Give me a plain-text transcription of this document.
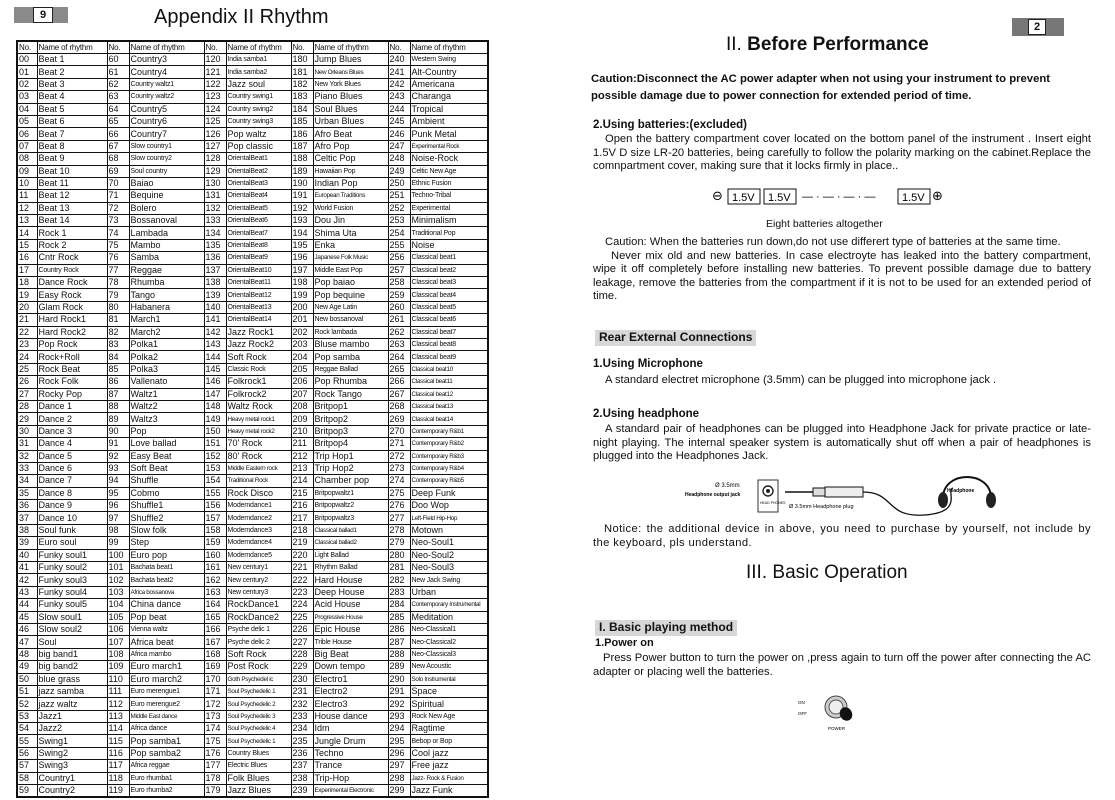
9	Appendix II Rhythm
No.	Name of rhythm	No.	Name of rhythm	No.	Name of rhythm	No.	Name of rhythm	No.	Name of rhythm
00	Beat 1	60	Country3	120	India samba1	180	Jump Blues	240	Western Swing
01	Beat 2	61	Country4	121	India samba2	181	New Orleans Blues	241	Alt-Country
02	Beat 3	62	Country waltz1	122	Jazz soul	182	New York Blues	242	Americana
03	Beat 4	63	Country waltz2	123	Country swing1	183	Piano Blues	243	Charanga
04	Beat 5	64	Country5	124	Country swing2	184	Soul Blues	244	Tropical
05	Beat 6	65	Country6	125	Country swing3	185	Urban Blues	245	Ambient
06	Beat 7	66	Country7	126	Pop waltz	186	Afro Beat	246	Punk Metal
07	Beat 8	67	Slow country1	127	Pop classic	187	Afro Pop	247	Experimental Rock
08	Beat 9	68	Slow country2	128	OrientalBeat1	188	Celtic Pop	248	Noise-Rock
09	Beat 10	69	Soul country	129	OrientalBeat2	189	Hawaiian Pop	249	Celtic New Age
10	Beat 11	70	Baiao	130	OrientalBeat3	190	Indian Pop	250	Ethnic Fusion
11	Beat 12	71	Bequine	131	OrientalBeat4	191	European Traditions	251	Techno-Tribal
12	Beat 13	72	Bolero	132	OrientalBeat5	192	World Fusion	252	Experimental
13	Beat 14	73	Bossanoval	133	OrientalBeat6	193	Dou Jin	253	Minimalism
14	Rock 1	74	Lambada	134	OrientalBeat7	194	Shima Uta	254	Traditional Pop
15	Rock 2	75	Mambo	135	OrientalBeat8	195	Enka	255	Noise
16	Cntr Rock	76	Samba	136	OrientalBeat9	196	Japanese Folk Music	256	Classical beat1
17	Country Rock	77	Reggae	137	OrientalBeat10	197	Middle East Pop	257	Classical beat2
18	Dance Rock	78	Rhumba	138	OrientalBeat11	198	Pop baiao	258	Classical beat3
19	Easy Rock	79	Tango	139	OrientalBeat12	199	Pop bequine	259	Classical beat4
20	Glam Rock	80	Habanera	140	OrientalBeat13	200	New Age Latin	260	Classical beat5
21	Hard Rock1	81	March1	141	OrientalBeat14	201	New bossanoval	261	Classical beat6
22	Hard Rock2	82	March2	142	Jazz Rock1	202	Rock lambada	262	Classical beat7
23	Pop Rock	83	Polka1	143	Jazz Rock2	203	Bluse mambo	263	Classical beat8
24	Rock+Roll	84	Polka2	144	Soft Rock	204	Pop samba	264	Classical beat9
25	Rock Beat	85	Polka3	145	Classic Rock	205	Reggae Ballad	265	Classical beat10
26	Rock Folk	86	Vallenato	146	Folkrock1	206	Pop Rhumba	266	Classical beat11
27	Rocky Pop	87	Waltz1	147	Folkrock2	207	Rock Tango	267	Classical beat12
28	Dance 1	88	Waltz2	148	Waltz Rock	208	Britpop1	268	Classical beat13
29	Dance 2	89	Waltz3	149	Heavy metal rock1	209	Britpop2	269	Classical beat14
30	Dance 3	90	Pop	150	Heavy metal rock2	210	Britpop3	270	Contemporary R&b1
31	Dance 4	91	Love ballad	151	70' Rock	211	Britpop4	271	Contemporary R&b2
32	Dance 5	92	Easy Beat	152	80' Rock	212	Trip Hop1	272	Contemporary R&b3
33	Dance 6	93	Soft Beat	153	Middle Eastern rock	213	Trip Hop2	273	Contemporary R&b4
34	Dance 7	94	Shuffle	154	Traditional Rock	214	Chamber pop	274	Contemporary R&b5
35	Dance 8	95	Cobmo	155	Rock Disco	215	Britpopwaltz1	275	Deep Funk
36	Dance 9	96	Shuffle1	156	Moderndance1	216	Britpopwaltz2	276	Doo Wop
37	Dance 10	97	Shuffle2	157	Moderndance2	217	Britpopwaltz3	277	Left-Field Hip-Hop
38	Soul funk	98	Slow folk	158	Moderndance3	218	Classical ballad1	278	Motown
39	Euro soul	99	Step	159	Moderndance4	219	Classical ballad2	279	Neo-Soul1
40	Funky soul1	100	Euro pop	160	Moderndance5	220	Light Ballad	280	Neo-Soul2
41	Funky soul2	101	Bachata beat1	161	New century1	221	Rhythm Ballad	281	Neo-Soul3
42	Funky soul3	102	Bachata beat2	162	New century2	222	Hard House	282	New Jack Swing
43	Funky soul4	103	Africa bossanova	163	New century3	223	Deep House	283	Urban
44	Funky soul5	104	China dance	164	RockDance1	224	Acid House	284	Contemporary Instrumental
45	Slow soul1	105	Pop beat	165	RockDance2	225	Progressive House	285	Meditation
46	Slow soul2	106	Vienna waltz	166	Psyche delic 1	226	Epic House	286	Neo-Classical1
47	Soul	107	Africa beat	167	Psyche delic 2	227	Trible House	287	Neo-Classical2
48	big band1	108	Africa mambo	168	Soft Rock	228	Big Beat	288	Neo-Classical3
49	big band2	109	Euro march1	169	Post Rock	229	Down tempo	289	New Acoustic
50	blue grass	110	Euro march2	170	Goth Psychedel ic	230	Electro1	290	Solo Instrumental
51	jazz samba	111	Euro merengue1	171	Soul Psychedelic 1	231	Electro2	291	Space
52	jazz waltz	112	Euro merengue2	172	Soul Psychedelic 2	232	Electro3	292	Spiritual
53	Jazz1	113	Middle East dance	173	Soul Psychedelic 3	233	House dance	293	Rock New Age
54	Jazz2	114	Africa dance	174	Soul Psychedelic 4	234	Idm	294	Ragtime
55	Swing1	115	Pop samba1	175	Soul Psychedelic 1	235	Jungle Drum	295	Bebop or Bop
56	Swing2	116	Pop samba2	176	Country Blues	236	Techno	296	Cool jazz
57	Swing3	117	Africa reggae	177	Electric Blues	237	Trance	297	Free jazz
58	Country1	118	Euro rhumba1	178	Folk Blues	238	Trip-Hop	298	Jazz- Rock & Fusion
59	Country2	119	Euro rhumba2	179	Jazz Blues	239	Experimental Electronic	299	Jazz Funk
2
II. Before Performance
Caution:Disconnect the AC power adapter when not using your instrument to prevent possible damage due to power connection for extended period of time.
2.Using batteries:(excluded)

Open the battery compartment cover located on the bottom panel of the instrument . Insert eight 1.5V D size LR-20 batteries, being carefully to follow the polarity marking on the cabinet.Replace the comnpartment cover, making sure that it locks firmly in place..

⊖ 1.5V 1.5V — · — · — · — 1.5V ⊕
Eight batteries altogether

Caution: When the batteries run down,do not use differert type of batteries at the same time.

Never mix old and new batteries. In case electroyte has leaked into the battery compartment, wipe it off completely before installing new batteries. To prevent possible damage due to battery leakage, remove the batteries from the compartment if it is not to be used for an extended period of time.

Rear External Connections
1.Using Microphone

A standard electret microphone (3.5mm) can be plugged into microphone jack .

2.Using headphone

A standard pair of headphones can be plugged into Headphone Jack for private practice or late-night playing. The internal speaker system is automatically shut off when a pair of headphones is plugged into the Headphones Jack.

Ø 3.5mm
Headphone output jack
HEAD PHONES
Ø 3.5mm Headphone plug
Headphone

Notice: the additional device in above, you need to purchase by yourself, not include by the keyboard, pls understand.

III. Basic Operation
I. Basic playing method
1.Power on

Press Power button to turn the power on ,press again to turn off the power after connecting the AC adapter or placing well the batteries.

ON
OFF
POWER
